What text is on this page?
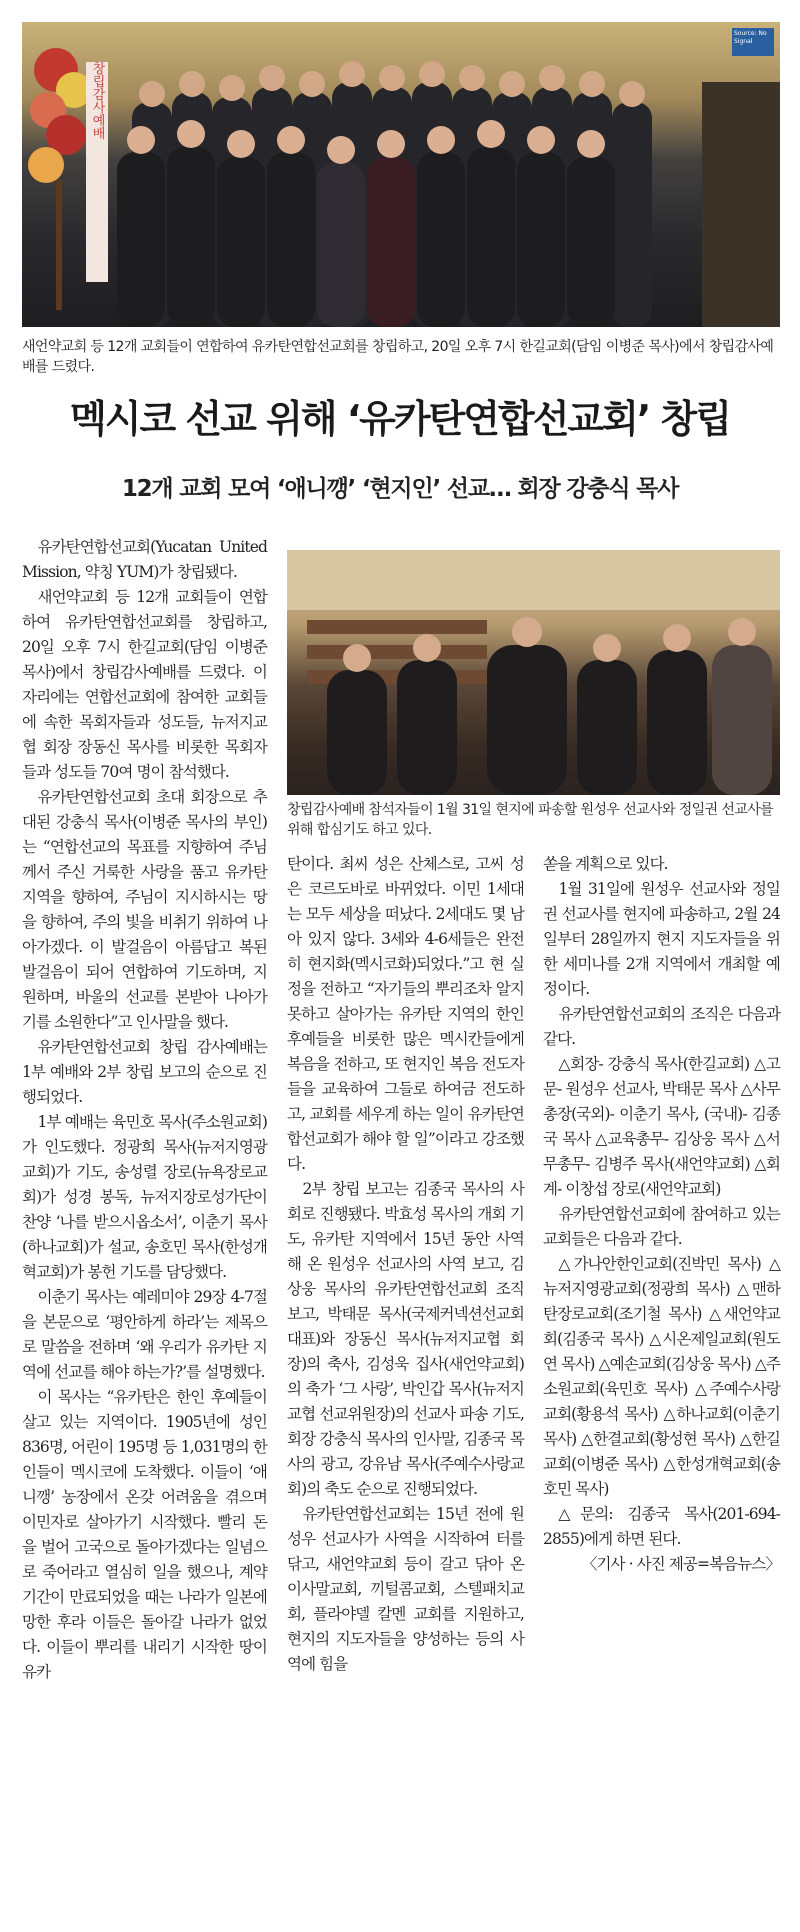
축 창립감사예배
Source: No Signal
새언약교회 등 12개 교회들이 연합하여 유카탄연합선교회를 창립하고, 20일 오후 7시 한길교회(담임 이병준 목사)에서 창립감사예배를 드렸다.
멕시코 선교 위해 ‘유카탄연합선교회’ 창립
12개 교회 모여 ‘애니깽’ ‘현지인’ 선교… 회장 강충식 목사
창립감사예배 참석자들이 1월 31일 현지에 파송할 원성우 선교사와 정일권 선교사를 위해 합심기도 하고 있다.

유카탄연합선교회(Yucatan United Mission, 약칭 YUM)가 창립됐다.

새언약교회 등 12개 교회들이 연합하여 유카탄연합선교회를 창립하고, 20일 오후 7시 한길교회(담임 이병준 목사)에서 창립감사예배를 드렸다. 이 자리에는 연합선교회에 참여한 교회들에 속한 목회자들과 성도들, 뉴저지교협 회장 장동신 목사를 비롯한 목회자들과 성도들 70여 명이 참석했다.

유카탄연합선교회 초대 회장으로 추대된 강충식 목사(이병준 목사의 부인)는 “연합선교의 목표를 지향하여 주님께서 주신 거룩한 사랑을 품고 유카탄 지역을 향하여, 주님이 지시하시는 땅을 향하여, 주의 빛을 비취기 위하여 나아가겠다. 이 발걸음이 아름답고 복된 발걸음이 되어 연합하여 기도하며, 지원하며, 바울의 선교를 본받아 나아가기를 소원한다”고 인사말을 했다.

유카탄연합선교회 창립 감사예배는 1부 예배와 2부 창립 보고의 순으로 진행되었다.

1부 예배는 육민호 목사(주소원교회)가 인도했다. 정광희 목사(뉴저지영광교회)가 기도, 송성렬 장로(뉴욕장로교회)가 성경 봉독, 뉴저지장로성가단이 찬양 ‘나를 받으시옵소서’, 이춘기 목사(하나교회)가 설교, 송호민 목사(한성개혁교회)가 봉헌 기도를 담당했다.

이춘기 목사는 예레미야 29장 4-7절을 본문으로 ‘평안하게 하라’는 제목으로 말씀을 전하며 ‘왜 우리가 유카탄 지역에 선교를 해야 하는가?’를 설명했다.

이 목사는 “유카탄은 한인 후예들이 살고 있는 지역이다. 1905년에 성인 836명, 어린이 195명 등 1,031명의 한인들이 멕시코에 도착했다. 이들이 ‘애니깽’ 농장에서 온갖 어려움을 겪으며 이민자로 살아가기 시작했다. 빨리 돈을 벌어 고국으로 돌아가겠다는 일념으로 죽어라고 열심히 일을 했으나, 계약 기간이 만료되었을 때는 나라가 일본에 망한 후라 이들은 돌아갈 나라가 없었다. 이들이 뿌리를 내리기 시작한 땅이 유카

탄이다. 최씨 성은 산체스로, 고씨 성은 코르도바로 바뀌었다. 이민 1세대는 모두 세상을 떠났다. 2세대도 몇 남아 있지 않다. 3세와 4-6세들은 완전히 현지화(멕시코화)되었다.”고 현 실정을 전하고 “자기들의 뿌리조차 알지 못하고 살아가는 유카탄 지역의 한인 후예들을 비롯한 많은 멕시칸들에게 복음을 전하고, 또 현지인 복음 전도자들을 교육하여 그들로 하여금 전도하고, 교회를 세우게 하는 일이 유카탄연합선교회가 해야 할 일”이라고 강조했다.

2부 창립 보고는 김종국 목사의 사회로 진행됐다. 박효성 목사의 개회 기도, 유카탄 지역에서 15년 동안 사역해 온 원성우 선교사의 사역 보고, 김상웅 목사의 유카탄연합선교회 조직 보고, 박태문 목사(국제커넥션선교회 대표)와 장동신 목사(뉴저지교협 회장)의 축사, 김성욱 집사(새언약교회)의 축가 ‘그 사랑’, 박인갑 목사(뉴저지교협 선교위원장)의 선교사 파송 기도, 회장 강충식 목사의 인사말, 김종국 목사의 광고, 강유남 목사(주예수사랑교회)의 축도 순으로 진행되었다.

유카탄연합선교회는 15년 전에 원성우 선교사가 사역을 시작하여 터를 닦고, 새언약교회 등이 갈고 닦아 온 이사말교회, 끼털콤교회, 스텔패치교회, 플라야델 칼멘 교회를 지원하고, 현지의 지도자들을 양성하는 등의 사역에 힘을

쏟을 계획으로 있다.

1월 31일에 원성우 선교사와 정일권 선교사를 현지에 파송하고, 2월 24일부터 28일까지 현지 지도자들을 위한 세미나를 2개 지역에서 개최할 예정이다.

유카탄연합선교회의 조직은 다음과 같다.

△회장- 강충식 목사(한길교회) △고문- 원성우 선교사, 박태문 목사 △사무총장(국외)- 이춘기 목사, (국내)- 김종국 목사 △교육총무- 김상웅 목사 △서무총무- 김병주 목사(새언약교회) △회계- 이창섭 장로(새언약교회)

유카탄연합선교회에 참여하고 있는 교회들은 다음과 같다.

△가나안한인교회(진박민 목사) △뉴저지영광교회(정광희 목사) △맨하탄장로교회(조기철 목사) △새언약교회(김종국 목사) △시온제일교회(원도연 목사) △예손교회(김상웅 목사) △주소원교회(육민호 목사) △주예수사랑교회(황용석 목사) △하나교회(이춘기 목사) △한결교회(황성현 목사) △한길교회(이병준 목사) △한성개혁교회(송호민 목사)

△문의: 김종국 목사(201-694-2855)에게 하면 된다.

〈기사 · 사진 제공=복음뉴스〉
